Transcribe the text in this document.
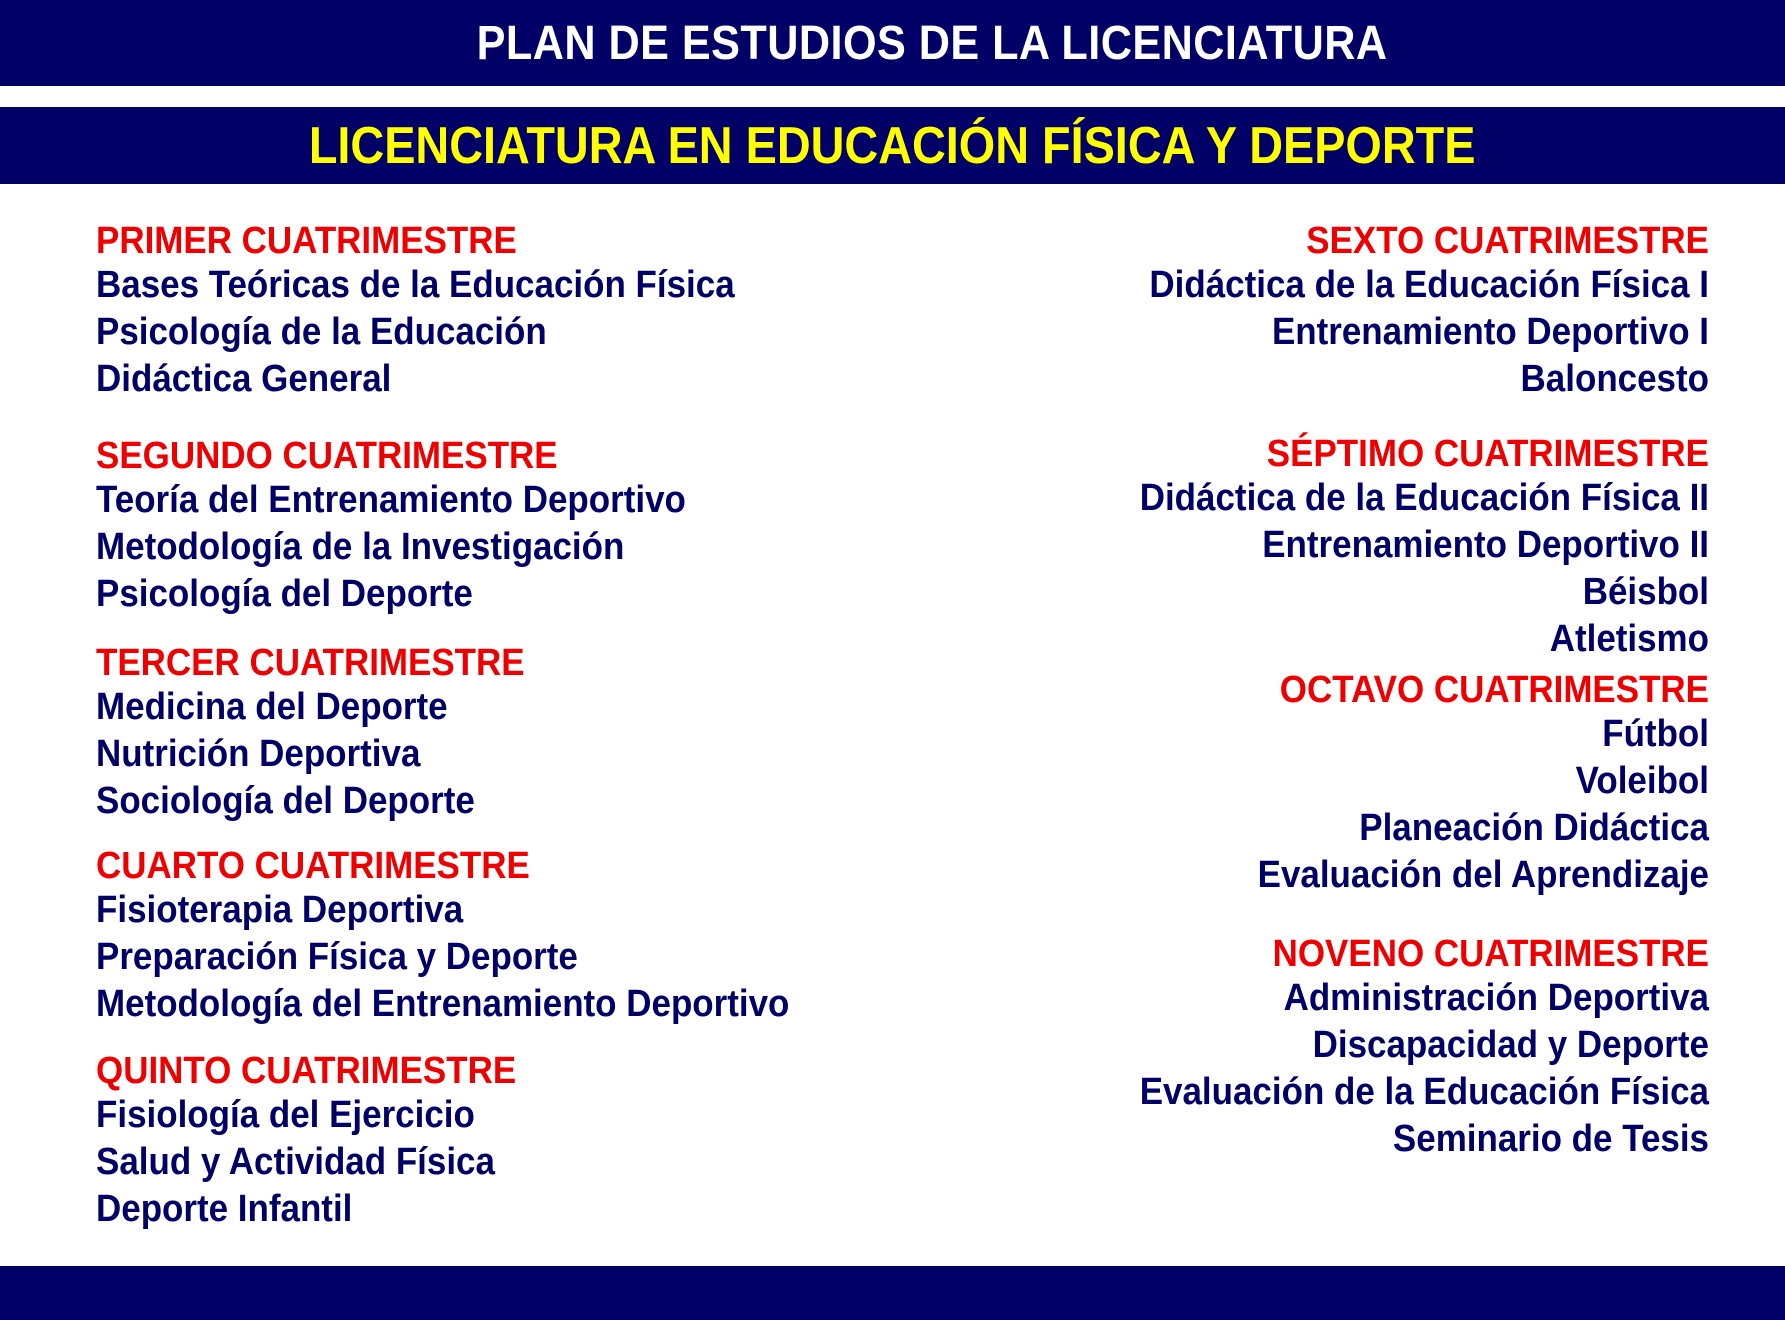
PLAN DE ESTUDIOS DE LA LICENCIATURA
LICENCIATURA EN EDUCACIÓN FÍSICA Y DEPORTE
PRIMER CUATRIMESTRE
Bases Teóricas de la Educación Física
Psicología de la Educación
Didáctica General
SEGUNDO CUATRIMESTRE
Teoría del Entrenamiento Deportivo
Metodología de la Investigación
Psicología del Deporte
TERCER CUATRIMESTRE
Medicina del Deporte
Nutrición Deportiva
Sociología del Deporte
CUARTO CUATRIMESTRE
Fisioterapia Deportiva
Preparación Física y Deporte
Metodología del Entrenamiento Deportivo
QUINTO CUATRIMESTRE
Fisiología del Ejercicio
Salud y Actividad Física
Deporte Infantil
SEXTO CUATRIMESTRE
Didáctica de la Educación Física I
Entrenamiento Deportivo I
Baloncesto
SÉPTIMO CUATRIMESTRE
Didáctica de la Educación Física II
Entrenamiento Deportivo II
Béisbol
Atletismo
OCTAVO CUATRIMESTRE
Fútbol
Voleibol
Planeación Didáctica
Evaluación del Aprendizaje
NOVENO CUATRIMESTRE
Administración Deportiva
Discapacidad y Deporte
Evaluación de la Educación Física
Seminario de Tesis
